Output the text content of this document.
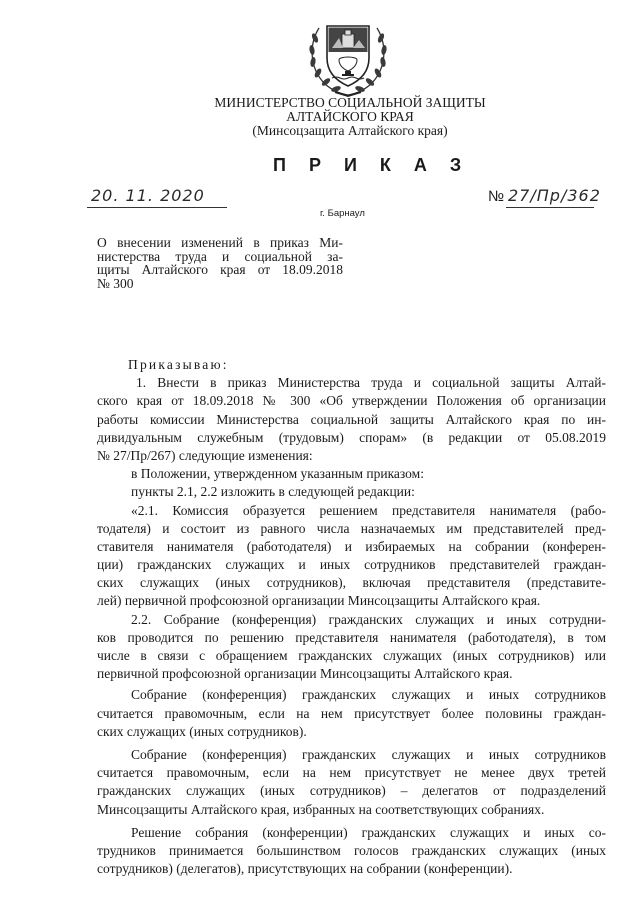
МИНИСТЕРСТВО СОЦИАЛЬНОЙ ЗАЩИТЫ
АЛТАЙСКОГО КРАЯ
(Минсоцзащита Алтайского края)
П Р И К А З
20. 11. 2020	№ 27/Пр/362
г. Барнаул
О внесении изменений в приказ Ми-
нистерства труда и социальной за-
щиты Алтайского края от 18.09.2018
№ 300
Приказываю:
1. Внести в приказ Министерства труда и социальной защиты Алтай-
ского края от 18.09.2018 № 300 «Об утверждении Положения об организации
работы комиссии Министерства социальной защиты Алтайского края по ин-
дивидуальным служебным (трудовым) спорам» (в редакции от 05.08.2019
№ 27/Пр/267) следующие изменения:
в Положении, утвержденном указанным приказом:
пункты 2.1, 2.2 изложить в следующей редакции:
«2.1. Комиссия образуется решением представителя нанимателя (рабо-
тодателя) и состоит из равного числа назначаемых им представителей пред-
ставителя нанимателя (работодателя) и избираемых на собрании (конферен-
ции) гражданских служащих и иных сотрудников представителей граждан-
ских служащих (иных сотрудников), включая представителя (представите-
лей) первичной профсоюзной организации Минсоцзащиты Алтайского края.
2.2. Собрание (конференция) гражданских служащих и иных сотрудни-
ков проводится по решению представителя нанимателя (работодателя), в том
числе в связи с обращением гражданских служащих (иных сотрудников) или
первичной профсоюзной организации Минсоцзащиты Алтайского края.
Собрание (конференция) гражданских служащих и иных сотрудников
считается правомочным, если на нем присутствует более половины граждан-
ских служащих (иных сотрудников).
Собрание (конференция) гражданских служащих и иных сотрудников
считается правомочным, если на нем присутствует не менее двух третей
гражданских служащих (иных сотрудников) – делегатов от подразделений
Минсоцзащиты Алтайского края, избранных на соответствующих собраниях.
Решение собрания (конференции) гражданских служащих и иных со-
трудников принимается большинством голосов гражданских служащих (иных
сотрудников) (делегатов), присутствующих на собрании (конференции).
